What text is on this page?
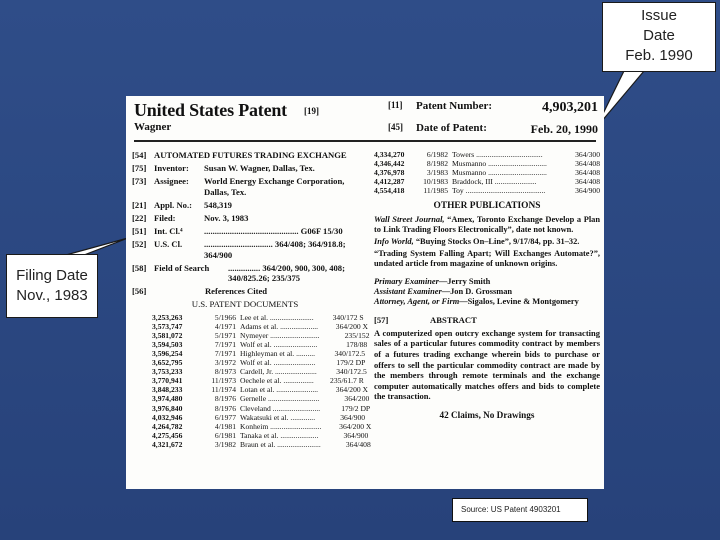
Issue
Date
Feb. 1990
Filing Date
Nov., 1983
United States Patent [19]
Wagner
[11] Patent Number:	4,903,201
[45] Date of Patent:	Feb. 20, 1990
[54] AUTOMATED FUTURES TRADING EXCHANGE
[75] Inventor:	Susan W. Wagner, Dallas, Tex.
[73] Assignee:	World Energy Exchange Corporation, Dallas, Tex.
[21] Appl. No.:	548,319
[22] Filed:	Nov. 3, 1983
[51] Int. Cl.⁴	............................................ G06F 15/30
[52] U.S. Cl.	................................ 364/408; 364/918.8; 364/900
[58] Field of Search	............... 364/200, 900, 300, 408; 340/825.26; 235/375
[56]	References Cited
U.S. PATENT DOCUMENTS
3,253,263	5/1966 Lee et al. .......................	340/172 S
3,573,747	4/1971 Adams et al. ....................	364/200 X
3,581,072	5/1971 Nymeyer ..........................	235/152
3,594,503	7/1971 Wolf et al. .......................	178/88
3,596,254	7/1971 Highleyman et al. ..........	340/172.5
3,652,795	3/1972 Wolf et al. ......................	179/2 DP
3,753,233	8/1973 Cardell, Jr. ......................	340/172.5
3,770,941	11/1973 Oechele et al. ................	235/61.7 R
3,848,233	11/1974 Lotan et al. ......................	364/200 X
3,974,480	8/1976 Gernelle ...........................	364/200
3,976,840	8/1976 Cleveland .........................	179/2 DP
4,032,946	6/1977 Wakatsuki et al. .............	364/900
4,264,782	4/1981 Konheim ...........................	364/200 X
4,275,456	6/1981 Tanaka et al. ....................	364/900
4,321,672	3/1982 Braun et al. .......................	364/408
4,334,270	6/1982 Towers ...................................	364/300
4,346,442	8/1982 Musmanno ...............................	364/408
4,376,978	3/1983 Musmanno ...............................	364/408
4,412,287	10/1983 Braddock, III ......................	364/408
4,554,418	11/1985 Toy ..........................................	364/900
OTHER PUBLICATIONS
Wall Street Journal, “Amex, Toronto Exchange Develop a Plan to Link Trading Floors Electronically”, date not known.
Info World, “Buying Stocks On–Line”, 9/17/84, pp. 31–32.
“Trading System Falling Apart; Will Exchanges Automate?”, undated article from magazine of unknown origins.
Primary Examiner—Jerry Smith
Assistant Examiner—Jon D. Grossman
Attorney, Agent, or Firm—Sigalos, Levine & Montgomery
[57]	ABSTRACT
A computerized open outcry exchange system for transacting sales of a particular futures commodity contract by members of a futures trading exchange wherein bids to purchase or offers to sell the particular commodity contract are made by the members through remote terminals and the exchange computer automatically matches offers and bids to complete the transaction.
42 Claims, No Drawings
Source: US Patent 4903201
